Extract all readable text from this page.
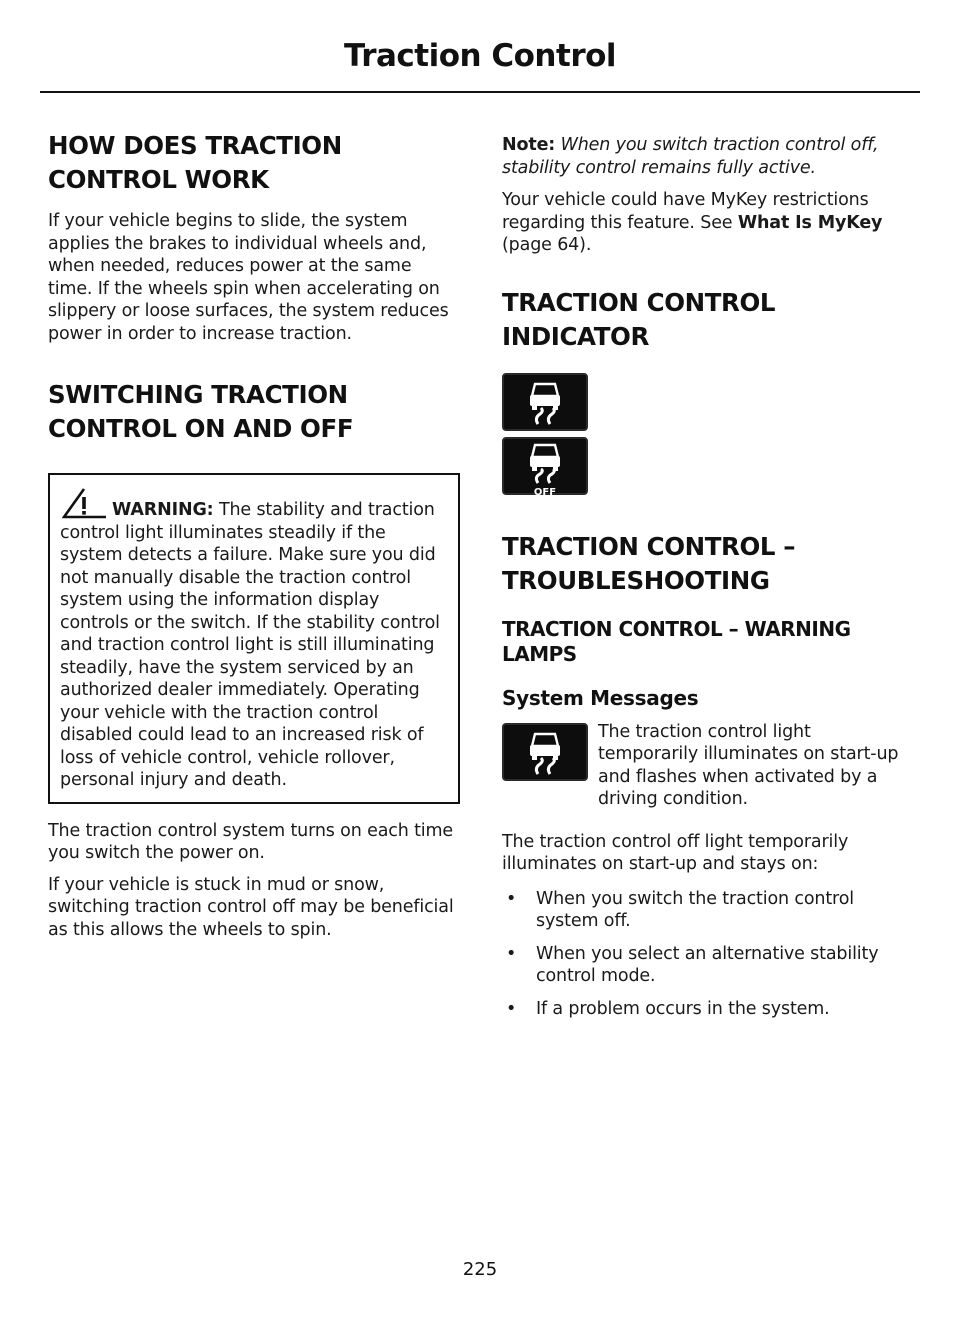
Traction Control
HOW DOES TRACTION
CONTROL WORK

If your vehicle begins to slide, the system applies the brakes to individual wheels and, when needed, reduces power at the same time. If the wheels spin when accelerating on slippery or loose surfaces, the system reduces power in order to increase traction.

SWITCHING TRACTION
CONTROL ON AND OFF

WARNING: The stability and traction control light illuminates steadily if the system detects a failure. Make sure you did not manually disable the traction control system using the information display controls or the switch. If the stability control and traction control light is still illuminating steadily, have the system serviced by an authorized dealer immediately. Operating your vehicle with the traction control disabled could lead to an increased risk of loss of vehicle control, vehicle rollover, personal injury and death.

The traction control system turns on each time you switch the power on.

If your vehicle is stuck in mud or snow, switching traction control off may be beneficial as this allows the wheels to spin.

Note: When you switch traction control off, stability control remains fully active.

Your vehicle could have MyKey restrictions regarding this feature. See What Is MyKey (page 64).

TRACTION CONTROL
INDICATOR
OFF
TRACTION CONTROL –
TROUBLESHOOTING
TRACTION CONTROL – WARNING LAMPS
System Messages

The traction control light temporarily illuminates on start-up and flashes when activated by a driving condition.

The traction control off light temporarily illuminates on start-up and stays on:

• When you switch the traction control system off.
• When you select an alternative stability control mode.
• If a problem occurs in the system.
225
